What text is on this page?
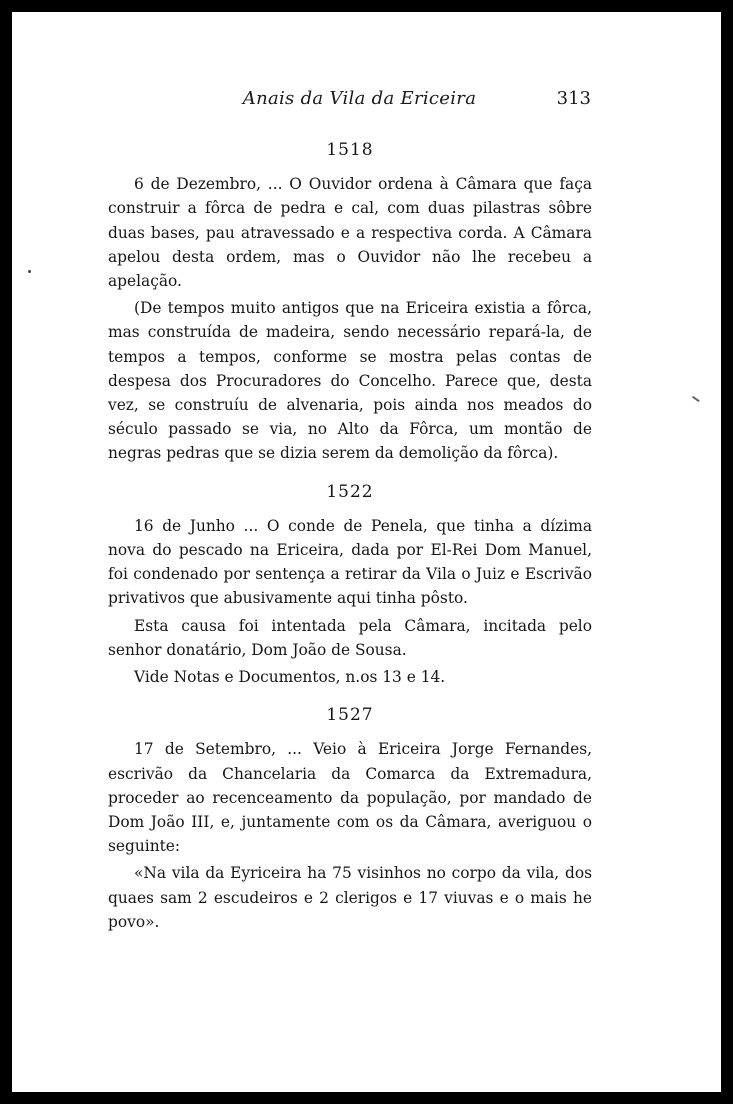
Anais da Vila da Ericeira	313
1518

6 de Dezembro, ... O Ouvidor ordena à Câmara que faça construir a fôrca de pedra e cal, com duas pilastras sôbre duas bases, pau atravessado e a respectiva corda. A Câmara apelou desta ordem, mas o Ouvidor não lhe recebeu a apelação.

(De tempos muito antigos que na Ericeira existia a fôrca, mas construída de madeira, sendo necessário repará-la, de tempos a tempos, conforme se mostra pelas contas de despesa dos Procuradores do Concelho. Parece que, desta vez, se construíu de alvenaria, pois ainda nos meados do século passado se via, no Alto da Fôrca, um montão de negras pedras que se dizia serem da demolição da fôrca).

1522

16 de Junho ... O conde de Penela, que tinha a dízima nova do pescado na Ericeira, dada por El-Rei Dom Manuel, foi condenado por sentença a retirar da Vila o Juiz e Escrivão privativos que abusivamente aqui tinha pôsto.

Esta causa foi intentada pela Câmara, incitada pelo senhor donatário, Dom João de Sousa.

Vide Notas e Documentos, n.os 13 e 14.

1527

17 de Setembro, ... Veio à Ericeira Jorge Fernandes, escrivão da Chancelaria da Comarca da Extremadura, proceder ao recenceamento da população, por mandado de Dom João III, e, juntamente com os da Câmara, averiguou o seguinte:

«Na vila da Eyriceira ha 75 visinhos no corpo da vila, dos quaes sam 2 escudeiros e 2 clerigos e 17 viuvas e o mais he povo».
